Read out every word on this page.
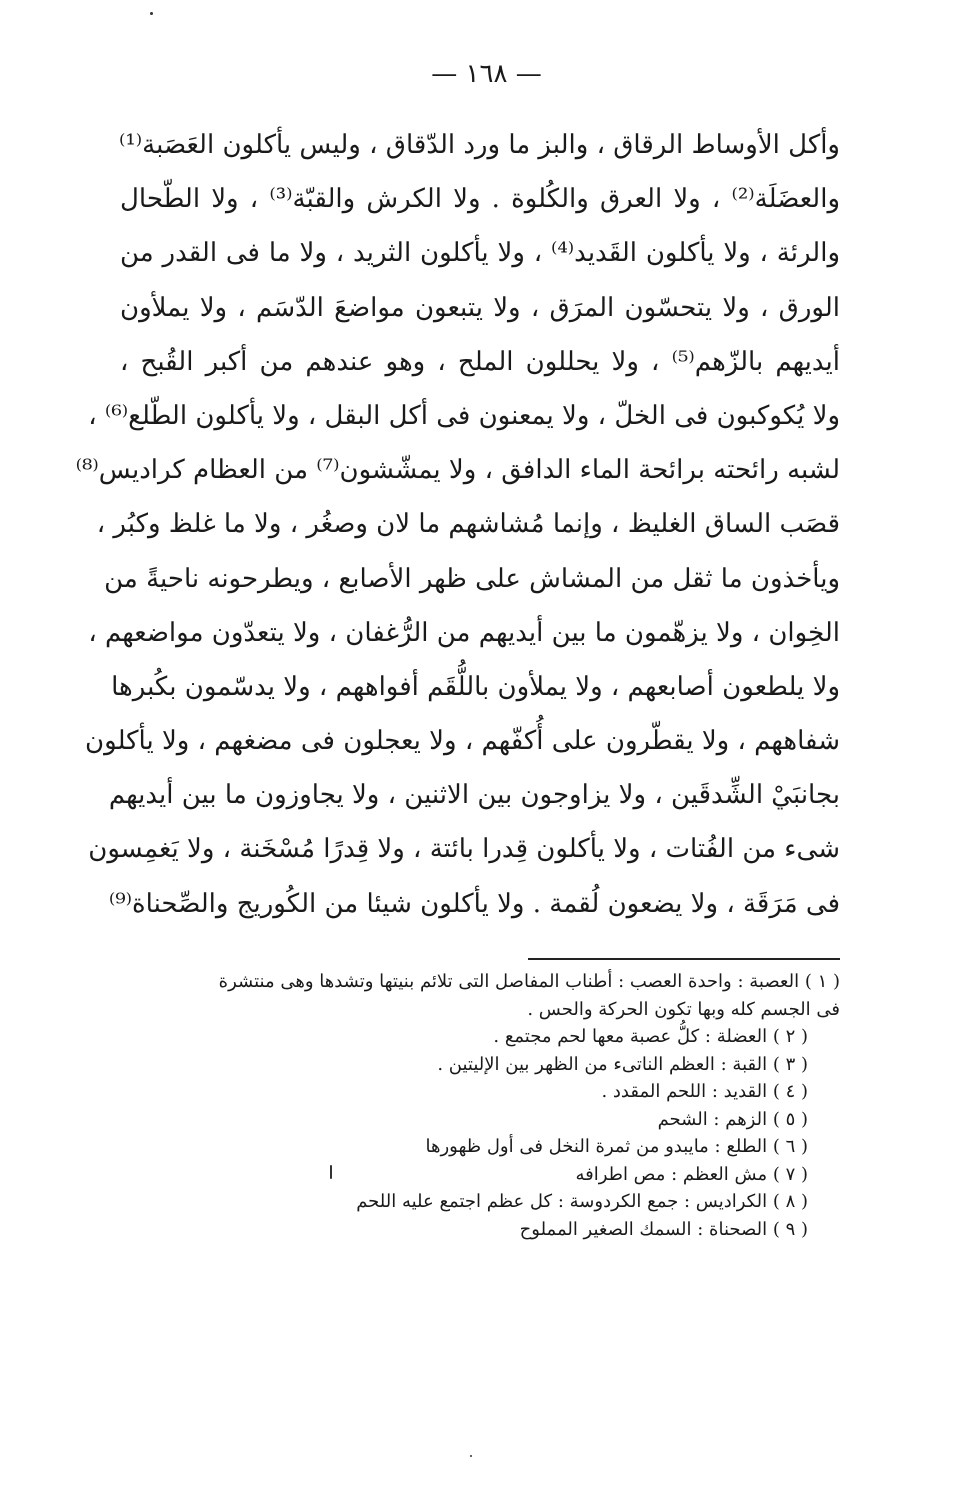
— ١٦٨ —
وأكل الأوساط الرقاق ، والبز ما ورد الدّقاق ، وليس يأكلون العَصَبة⁽¹⁾
والعضَلَة⁽²⁾ ، ولا العرق والكُلوة . ولا الكرش والقبّة⁽³⁾ ، ولا الطّحال
والرئة ، ولا يأكلون القَديد⁽⁴⁾ ، ولا يأكلون الثريد ، ولا ما فى القدر من
الورق ، ولا يتحسّون المرَق ، ولا يتبعون مواضعَ الدّسَم ، ولا يملأون
أيديهم بالزّهم⁽⁵⁾ ، ولا يحللون الملح ، وهو عندهم من أكبر القُبح ،
ولا يُكوكبون فى الخلّ ، ولا يمعنون فى أكل البقل ، ولا يأكلون الطّلع⁽⁶⁾ ،
لشبه رائحته برائحة الماء الدافق ، ولا يمشّشون⁽⁷⁾ من العظام كراديس⁽⁸⁾
قصَب الساق الغليظ ، وإنما مُشاشهم ما لان وصغُر ، ولا ما غلظ وكبُر ،
ويأخذون ما ثقل من المشاش على ظهر الأصابع ، ويطرحونه ناحيةً من
الخِوان ، ولا يزهّمون ما بين أيديهم من الرُّغفان ، ولا يتعدّون مواضعهم ،
ولا يلطعون أصابعهم ، ولا يملأون باللُّقَم أفواههم ، ولا يدسّمون بكُبرها
شفاههم ، ولا يقطّرون على أُكفّهم ، ولا يعجلون فى مضغهم ، ولا يأكلون
بجانبَيْ الشِّدقَين ، ولا يزاوجون بين الاثنين ، ولا يجاوزون ما بين أيديهم
شىء من الفُتات ، ولا يأكلون قِدرا بائتة ، ولا قِدرًا مُسْخَنة ، ولا يَغمِسون
فى مَرَقَة ، ولا يضعون لُقمة . ولا يأكلون شيئا من الكُوريج والصِّحناة⁽⁹⁾
( ١ ) العصبة : واحدة العصب : أطناب المفاصل التى تلائم بنيتها وتشدها وهى منتشرة
فى الجسم كله وبها تكون الحركة والحس .
( ٢ ) العضلة : كلُّ عصبة معها لحم مجتمع .
( ٣ ) القبة : العظم الناتىء من الظهر بين الإليتين .
( ٤ ) القديد : اللحم المقدد .
( ٥ ) الزهم : الشحم
( ٦ ) الطلع : مايبدو من ثمرة النخل فى أول ظهورها
( ٧ ) مش العظم : مص اطرافه
( ٨ ) الكراديس : جمع الكردوسة : كل عظم اجتمع عليه اللحم
( ٩ ) الصحناة : السمك الصغير المملوح
